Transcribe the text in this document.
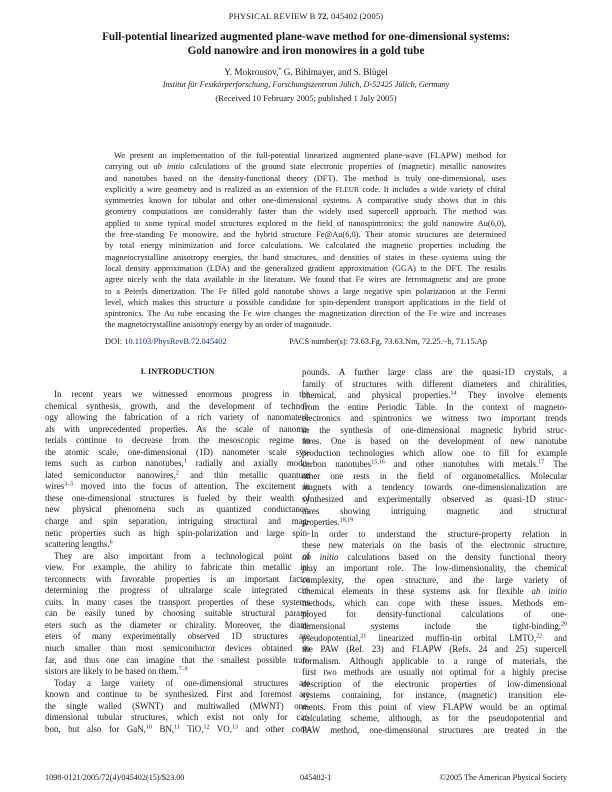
PHYSICAL REVIEW B 72, 045402 (2005)
Full-potential linearized augmented plane-wave method for one-dimensional systems:
Gold nanowire and iron monowires in a gold tube
Y. Mokrousov,* G. Bihlmayer, and S. Blügel
Institut für Festkörperforschung, Forschungszentrum Jülich, D-52425 Jülich, Germany
(Received 10 February 2005; published 1 July 2005)
We present an implementation of the full-potential linearized augmented plane-wave (FLAPW) method for
carrying out ab initio calculations of the ground state electronic properties of (magnetic) metallic nanowires
and nanotubes based on the density-functional theory (DFT). The method is truly one-dimensional, uses
explicitly a wire geometry and is realized as an extension of the FLEUR code. It includes a wide variety of chiral
symmetries known for tubular and other one-dimensional systems. A comparative study shows that in this
geometry computations are considerably faster than the widely used supercell approach. The method was
applied to some typical model structures explored in the field of nanospintronics: the gold nanowire Au(6,0),
the free-standing Fe monowire, and the hybrid structure Fe@Au(6,0). Their atomic structures are determined
by total energy minimization and force calculations. We calculated the magnetic properties including the
magnetocrystalline anisotropy energies, the band structures, and densities of states in these systems using the
local density approximation (LDA) and the generalized gradient approximation (GGA) to the DFT. The results
agree nicely with the data available in the literature. We found that Fe wires are ferromagnetic and are prone
to a Peierls dimerization. The Fe filled gold nanotube shows a large negative spin polarization at the Fermi
level, which makes this structure a possible candidate for spin-dependent transport applications in the field of
spintronics. The Au tube encasing the Fe wire changes the magnetization direction of the Fe wire and increases
the magnetocrystalline anisotropy energy by an order of magnitude.
DOI: 10.1103/PhysRevB.72.045402	PACS number(s): 73.63.Fg, 73.63.Nm, 72.25.−b, 71.15.Ap
I. INTRODUCTION
In recent years we witnessed enormous progress in the
chemical synthesis, growth, and the development of technol-
ogy allowing the fabrication of a rich variety of nanomateri-
als with unprecedented properties. As the scale of nanoma-
terials continue to decrease from the mesoscopic regime to
the atomic scale, one-dimensional (1D) nanometer scale sys-
tems such as carbon nanotubes,$^1$ radially and axially modu-
lated semiconductor nanowires,$^2$ and thin metallic quantum
wires$^{3-5}$ moved into the focus of attention. The excitement in
these one-dimensional structures is fueled by their wealth of
new physical phenomena such as quantized conductance,
charge and spin separation, intriguing structural and mag-
netic properties such as high spin-polarization and large spin-
scattering lengths.$^6$
They are also important from a technological point of
view. For example, the ability to fabricate thin metallic in-
terconnects with favorable properties is an important factor
determining the progress of ultralarge scale integrated cir-
cuits. In many cases the transport properties of these systems
can be easily tuned by choosing suitable structural param-
eters such as the diameter or chirality. Moreover, the diam-
eters of many experimentally observed 1D structures are
much smaller than most semiconductor devices obtained so
far, and thus one can imagine that the smallest possible tran-
sistors are likely to be based on them.$^{7-9}$
Today a large variety of one-dimensional structures are
known and continue to be synthesized. First and foremost are
the single walled (SWNT) and multiwalled (MWNT) one-
dimensional tubular structures, which exist not only for car-
bon, but also for GaN,$^{10}$ BN,$^{11}$ TiO,$^{12}$ VO,$^{13}$ and other com-
pounds. A further large class are the quasi-1D crystals, a
family of structures with different diameters and chiralities,
chemical, and physical properties.$^{14}$ They involve elements
from the entire Periodic Table. In the context of magneto-
electronics and spintronics we witness two important trends
in the synthesis of one-dimensional magnetic hybrid struc-
tures. One is based on the development of new nanotube
production technologies which allow one to fill for example
carbon nanotubes$^{15,16}$ and other nanotubes with metals.$^{17}$ The
other one rests in the field of organometallics. Molecular
magnets with a tendency towards one-dimensionalization are
synthesized and experimentally observed as quasi-1D struc-
tures showing intriguing magnetic and structural
properties.$^{18,19}$
In order to understand the structure-property relation in
these new materials on the basis of the electronic structure,
ab initio calculations based on the density functional theory
play an important role. The low-dimensionality, the chemical
complexity, the open structure, and the large variety of
chemical elements in these systems ask for flexible ab initio
methods, which can cope with these issues. Methods em-
ployed for density-functional calculations of one-
dimensional systems include the tight-binding,$^{20}$
pseudopotential,$^{21}$ linearized muffin-tin orbital LMTO,$^{22}$ and
the PAW (Ref. 23) and FLAPW (Refs. 24 and 25) supercell
formalism. Although applicable to a range of materials, the
first two methods are usually not optimal for a highly precise
description of the electronic properties of low-dimensional
systems containing, for instance, (magnetic) transition ele-
ments. From this point of view FLAPW would be an optimal
calculating scheme, although, as for the pseudopotential and
PAW method, one-dimensional structures are treated in the
1098-0121/2005/72(4)/045402(15)/$23.00	045402-1	©2005 The American Physical Society
